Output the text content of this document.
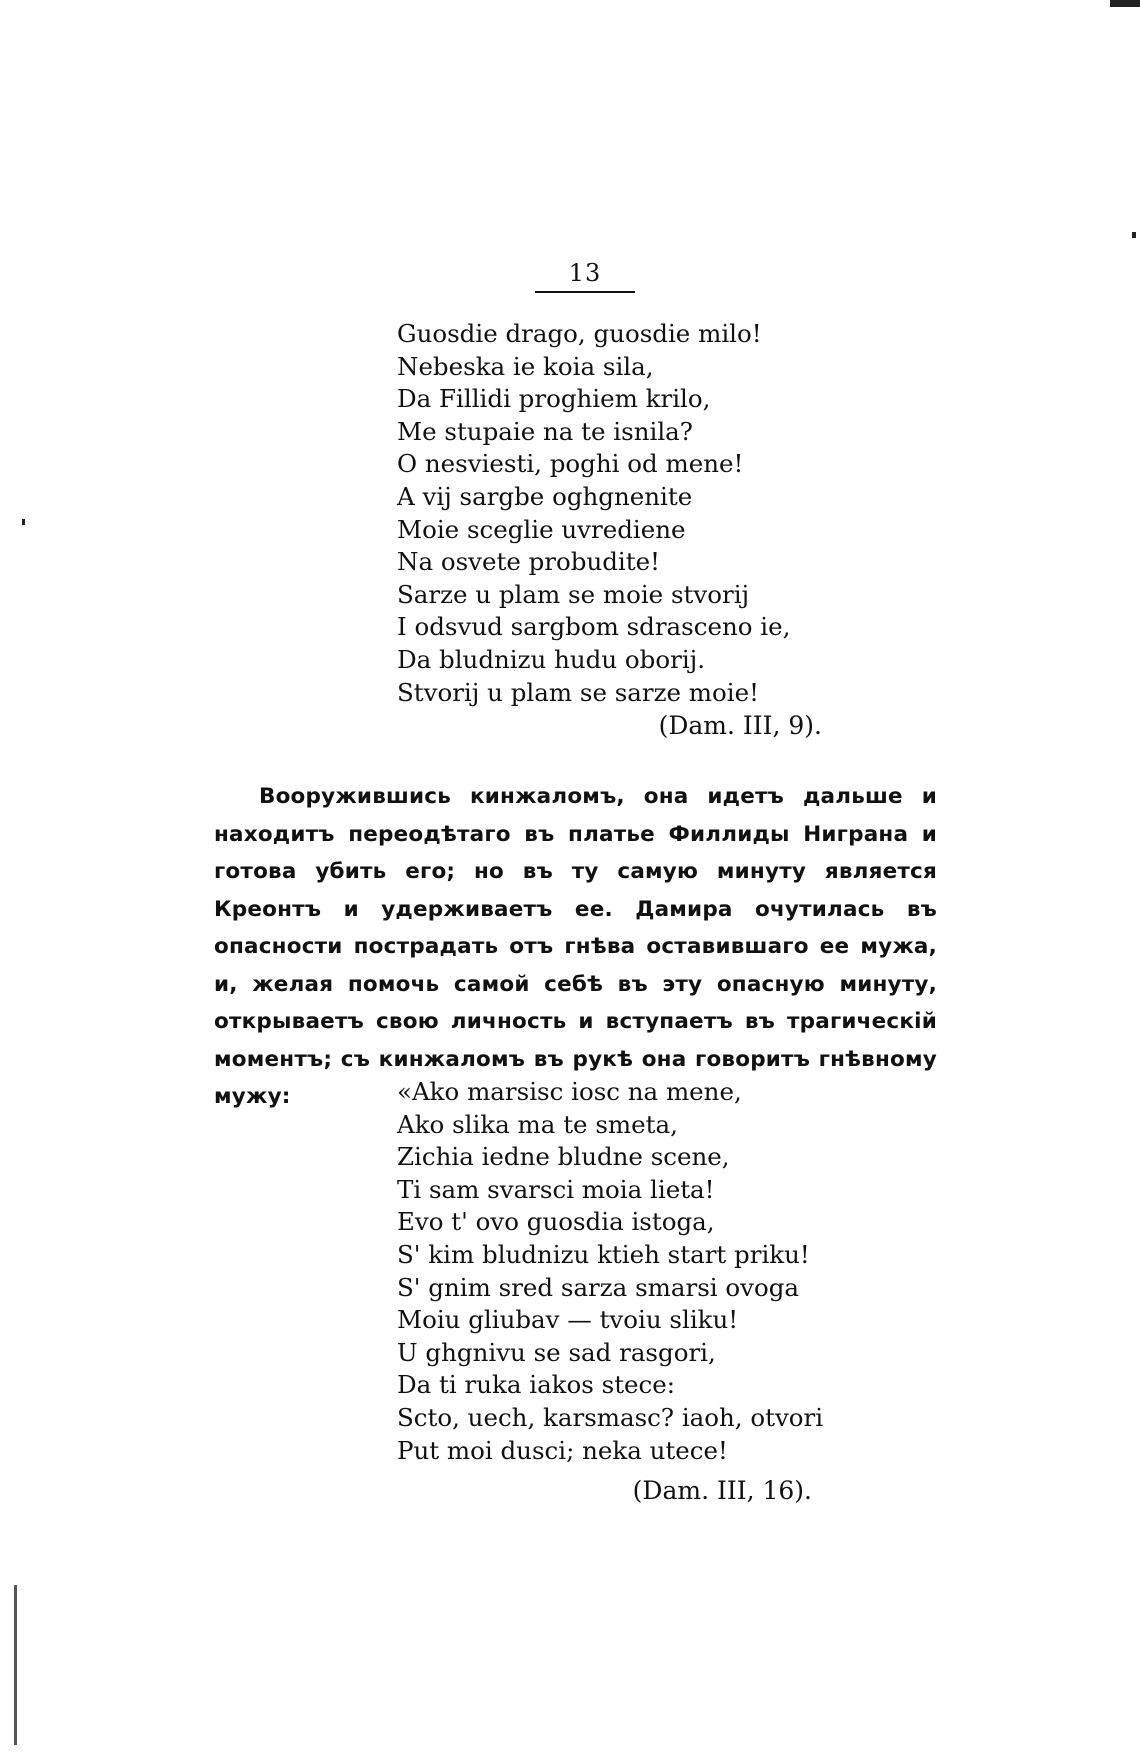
13
Guosdie drago, guosdie milo!
Nebeska ie koia sila,
Da Fillidi proghiem krilo,
Me stupaie na te isnila?
O nesviesti, poghi od mene!
A vij sargbe oghgnenite
Moie sceglie uvrediene
Na osvete probudite!
Sarze u plam se moie stvorij
I odsvud sargbom sdrasceno ie,
Da bludnizu hudu oborij.
Stvorij u plam se sarze moie!
(Dam. III, 9).

Вооружившись кинжаломъ, она идетъ дальше и находитъ переодѣтаго въ платье Филлиды Ниграна и готова убить его; но въ ту самую минуту является Креонтъ и удерживаетъ ее. Дамира очутилась въ опасности пострадать отъ гнѣва оставившаго ее мужа, и, желая помочь самой себѣ въ эту опасную минуту, открываетъ свою личность и вступаетъ въ трагическій моментъ; съ кинжаломъ въ рукѣ она говоритъ гнѣвному мужу:	«Ako marsisc iosc na mene,
Ako slika ma te smeta,
Zichia iedne bludne scene,
Ti sam svarsci moia lieta!
Evo t' ovo guosdia istoga,
S' kim bludnizu ktieh start priku!
S' gnim sred sarza smarsi ovoga
Moiu gliubav — tvoiu sliku!
U ghgnivu se sad rasgori,
Da ti ruka iakos stece:
Scto, uech, karsmasc? iaoh, otvori
Put moi dusci; neka utece!
(Dam. III, 16).
